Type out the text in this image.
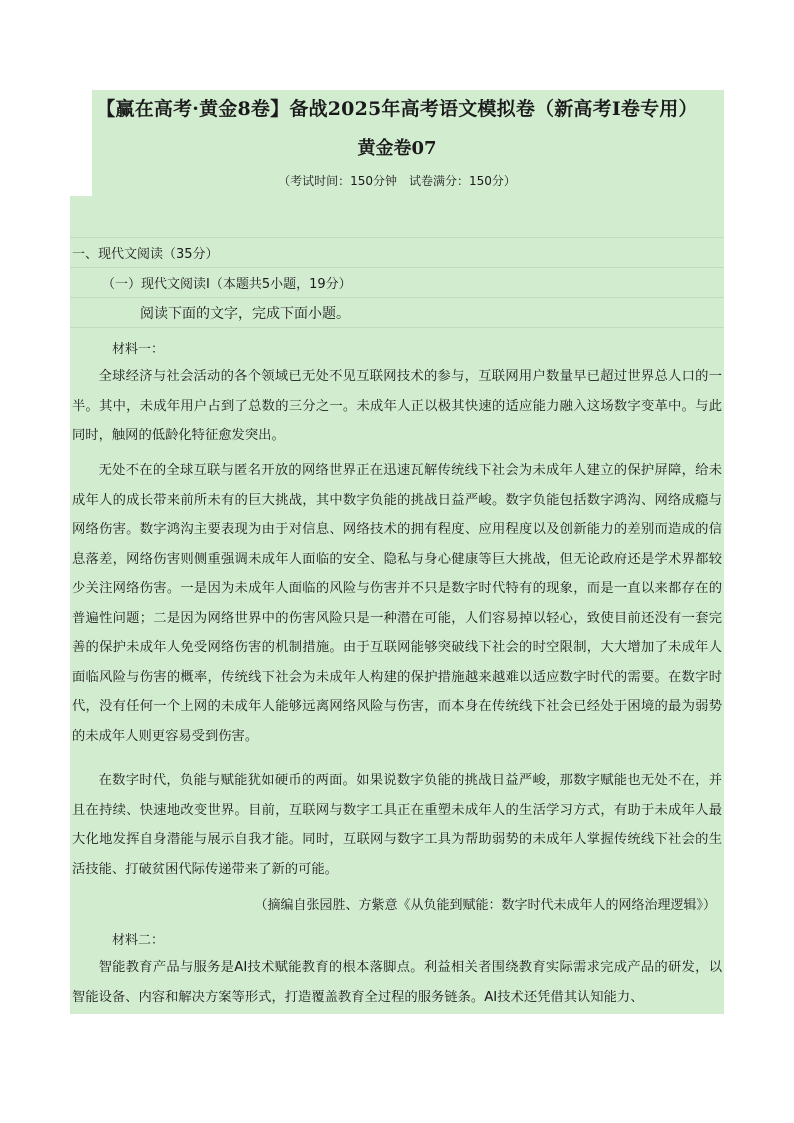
【赢在高考·黄金8卷】备战2025年高考语文模拟卷（新高考Ⅰ卷专用）
黄金卷07
（考试时间：150分钟　试卷满分：150分）
一、现代文阅读（35分）
（一）现代文阅读Ⅰ（本题共5小题，19分）
阅读下面的文字，完成下面小题。
材料一：

全球经济与社会活动的各个领域已无处不见互联网技术的参与，互联网用户数量早已超过世界总人口的一半。其中，未成年用户占到了总数的三分之一。未成年人正以极其快速的适应能力融入这场数字变革中。与此同时，触网的低龄化特征愈发突出。

无处不在的全球互联与匿名开放的网络世界正在迅速瓦解传统线下社会为未成年人建立的保护屏障，给未成年人的成长带来前所未有的巨大挑战，其中数字负能的挑战日益严峻。数字负能包括数字鸿沟、网络成瘾与网络伤害。数字鸿沟主要表现为由于对信息、网络技术的拥有程度、应用程度以及创新能力的差别而造成的信息落差，网络伤害则侧重强调未成年人面临的安全、隐私与身心健康等巨大挑战，但无论政府还是学术界都较少关注网络伤害。一是因为未成年人面临的风险与伤害并不只是数字时代特有的现象，而是一直以来都存在的普遍性问题；二是因为网络世界中的伤害风险只是一种潜在可能，人们容易掉以轻心，致使目前还没有一套完善的保护未成年人免受网络伤害的机制措施。由于互联网能够突破线下社会的时空限制，大大增加了未成年人面临风险与伤害的概率，传统线下社会为未成年人构建的保护措施越来越难以适应数字时代的需要。在数字时代，没有任何一个上网的未成年人能够远离网络风险与伤害，而本身在传统线下社会已经处于困境的最为弱势的未成年人则更容易受到伤害。

在数字时代，负能与赋能犹如硬币的两面。如果说数字负能的挑战日益严峻，那数字赋能也无处不在，并且在持续、快速地改变世界。目前，互联网与数字工具正在重塑未成年人的生活学习方式，有助于未成年人最大化地发挥自身潜能与展示自我才能。同时，互联网与数字工具为帮助弱势的未成年人掌握传统线下社会的生活技能、打破贫困代际传递带来了新的可能。

（摘编自张园胜、方紫意《从负能到赋能：数字时代未成年人的网络治理逻辑》）
材料二：

智能教育产品与服务是AI技术赋能教育的根本落脚点。利益相关者围绕教育实际需求完成产品的研发，以智能设备、内容和解决方案等形式，打造覆盖教育全过程的服务链条。AI技术还凭借其认知能力、
